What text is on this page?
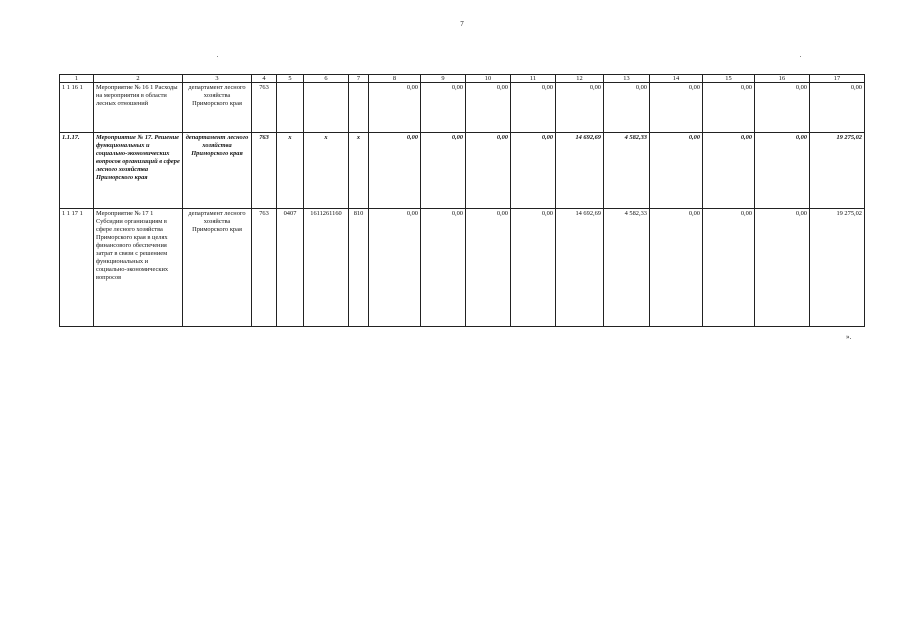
7
1	2	3	4	5	6	7	8	9	10	11	12	13	14	15	16	17
1 1 16 1	Мероприятие № 16 1 Расходы на мероприятия в области лесных отношений	департамент лесного хозяйства Приморского края	763				0,00	0,00	0,00	0,00	0,00	0,00	0,00	0,00	0,00	0,00
1.1.17.	Мероприятие № 17. Решение функциональных и социально-экономических вопросов организаций в сфере лесного хозяйства Приморского края	департамент лесного хозяйства Приморского края	763	х	х	х	0,00	0,00	0,00	0,00	14 692,69	4 582,33	0,00	0,00	0,00	19 275,02
1 1 17 1	Мероприятие № 17 1 Субсидии организациям в сфере лесного хозяйства Приморского края в целях финансового обеспечения затрат в связи с решением функциональных и социально-экономических вопросов	департамент лесного хозяйства Приморского края	763	0407	1611261160	810	0,00	0,00	0,00	0,00	14 692,69	4 582,33	0,00	0,00	0,00	19 275,02
».
